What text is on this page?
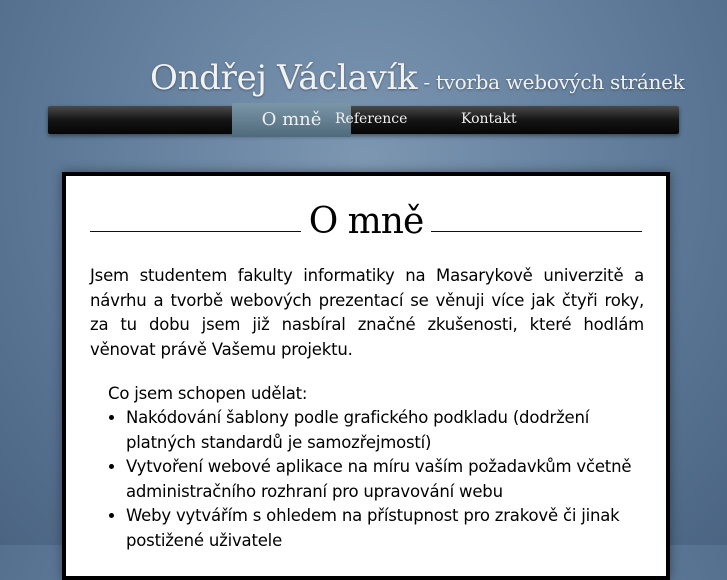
Ondřej Václavík - tvorba webových stránek
O mně Reference	Kontakt
O mně

Jsem studentem fakulty informatiky na Masarykově univerzitě a návrhu a tvorbě webových prezentací se věnuji více jak čtyři roky, za tu dobu jsem již nasbíral značné zkušenosti, které hodlám věnovat právě Vašemu projektu.

Co jsem schopen udělat:

• Nakódování šablony podle grafického podkladu (dodržení platných standardů je samozřejmostí)
• Vytvoření webové aplikace na míru vaším požadavkům včetně administračního rozhraní pro upravování webu
• Weby vytvářím s ohledem na přístupnost pro zrakově či jinak postižené uživatele
